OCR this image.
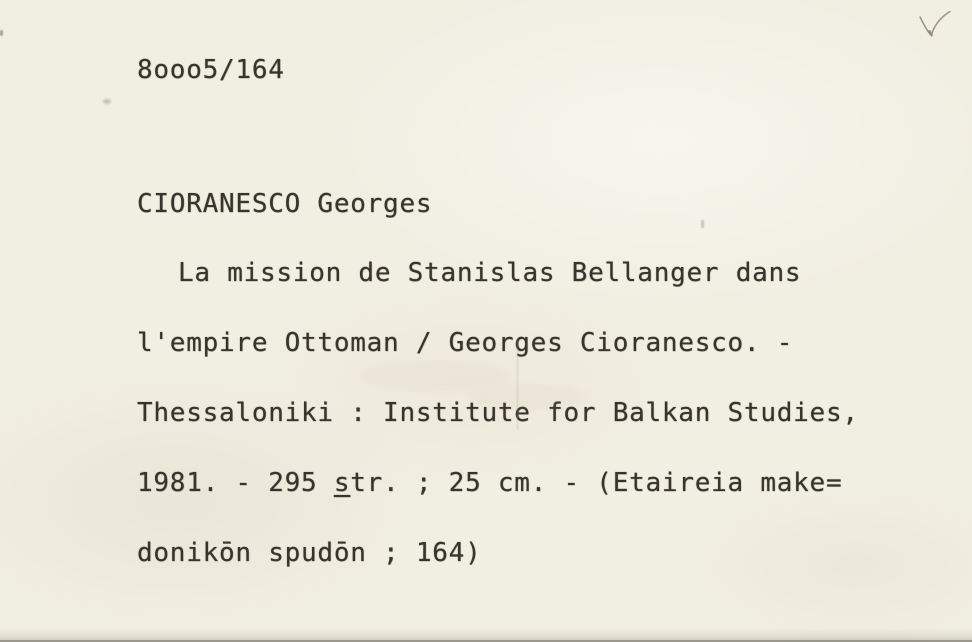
8ooo5/164

CIORANESCO Georges

La mission de Stanislas Bellanger dans

l'empire Ottoman / Georges Cioranesco. -

Thessaloniki : Institute for Balkan Studies,

1981. - 295 str. ; 25 cm. - (Etaireia make=

donikōn spudōn ; 164)
